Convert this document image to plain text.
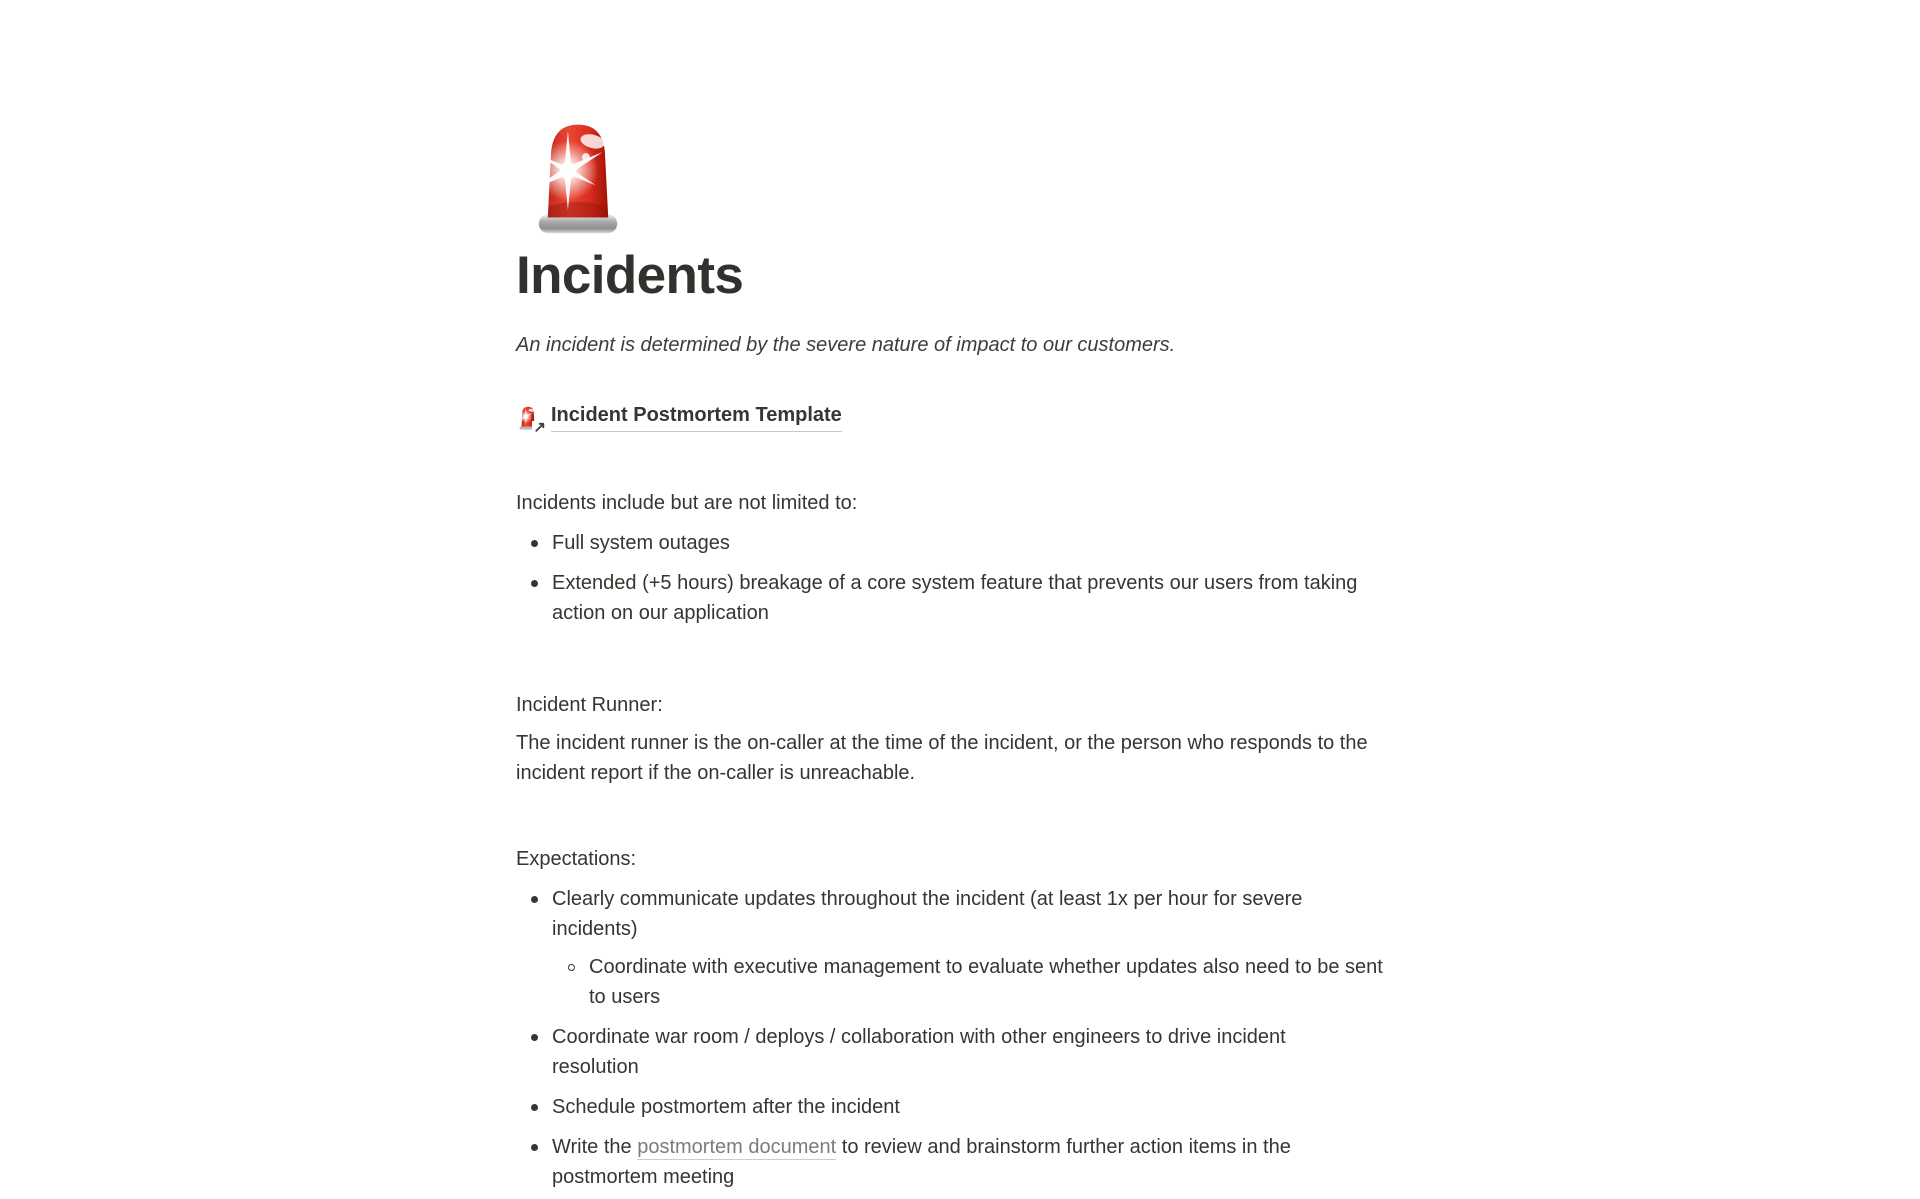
Incidents

An incident is determined by the severe nature of impact to our customers.

↗
Incident Postmortem Template

Incidents include but are not limited to:

Full system outages
Extended (+5 hours) breakage of a core system feature that prevents our users from taking action on our application

Incident Runner:

The incident runner is the on-caller at the time of the incident, or the person who responds to the incident report if the on-caller is unreachable.

Expectations:

Clearly communicate updates throughout the incident (at least 1x per hour for severe incidents)
Coordinate with executive management to evaluate whether updates also need to be sent to users
Coordinate war room / deploys / collaboration with other engineers to drive incident resolution
Schedule postmortem after the incident
Write the postmortem document to review and brainstorm further action items in the postmortem meeting
